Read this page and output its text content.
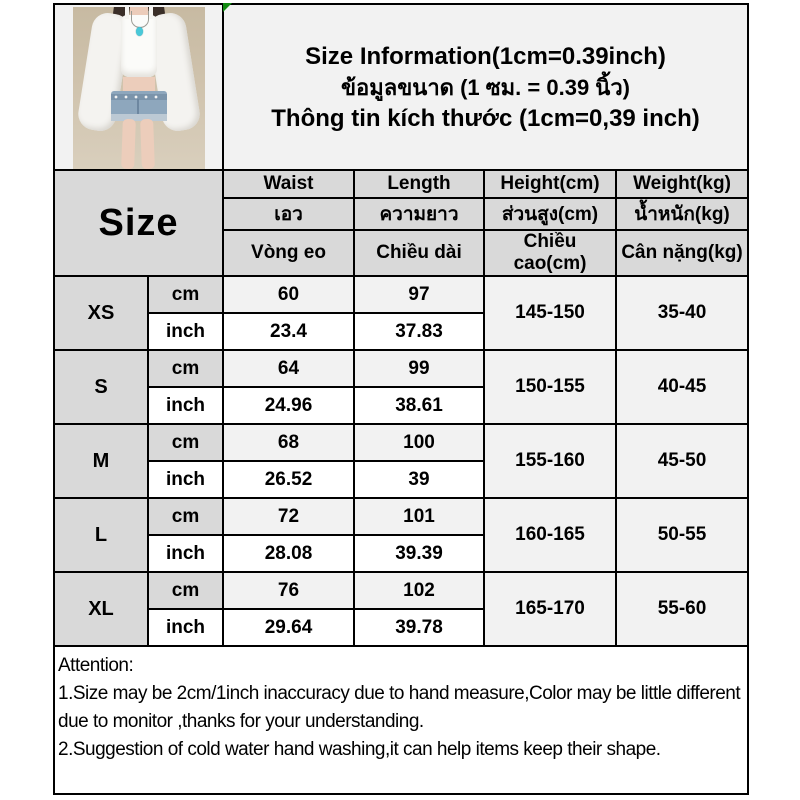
		Size Information(1cm=0.39inch)
ข้อมูลขนาด (1 ซม. = 0.39 นิ้ว)
Thông tin kích thước (1cm=0,39 inch)			

Size		Waist	Length	Height(cm)	Weight(kg)
		เอว	ความยาว	ส่วนสูง(cm)	น้ำหนัก(kg)
		Vòng eo	Chiều dài	Chiều cao(cm)	Cân nặng(kg)
XS	cm	60	97	145-150	35-40
	inch	23.4	37.83		
S	cm	64	99	150-155	40-45
	inch	24.96	38.61		
M	cm	68	100	155-160	45-50
	inch	26.52	39		
L	cm	72	101	160-165	50-55
	inch	28.08	39.39		
XL	cm	76	102	165-170	55-60
	inch	29.64	39.78		

Attention:
1.Size may be 2cm/1inch inaccuracy due to hand measure,Color may be little different
due to monitor ,thanks for your understanding.
2.Suggestion of cold water hand washing,it can help items keep their shape.					
